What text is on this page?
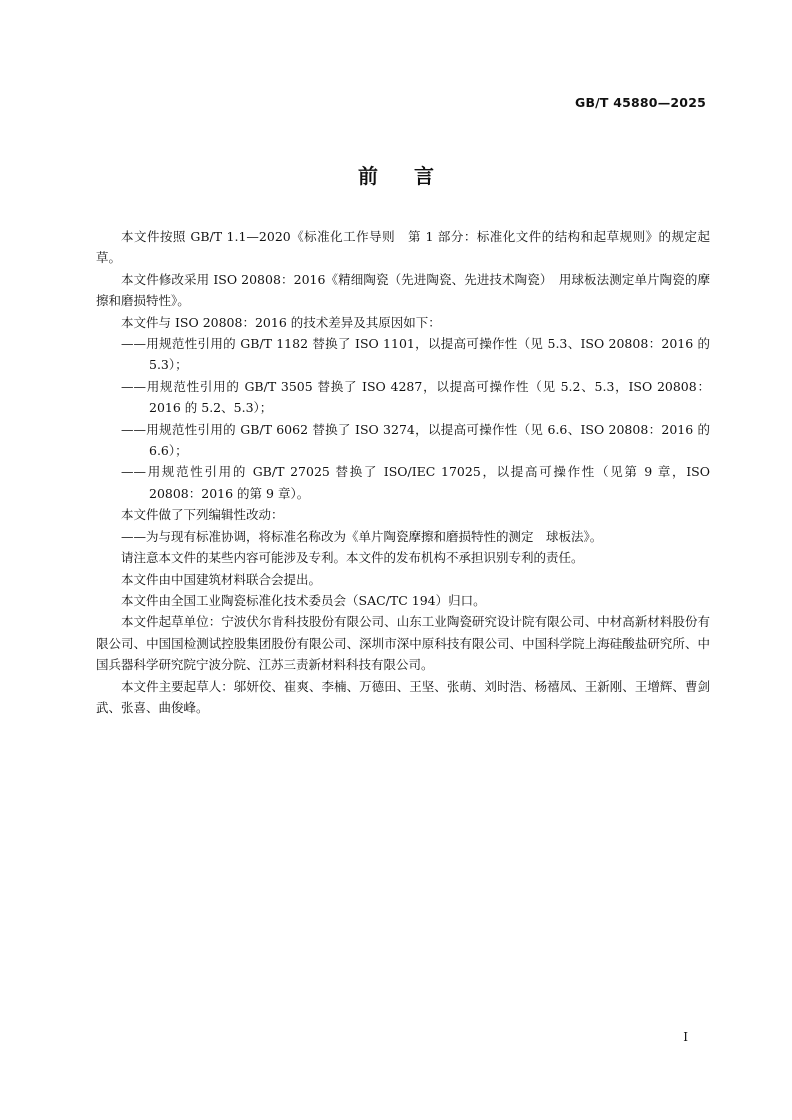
GB/T 45880—2025
前 言

本文件按照 GB/T 1.1—2020《标准化工作导则　第 1 部分：标准化文件的结构和起草规则》的规定起草。

本文件修改采用 ISO 20808：2016《精细陶瓷（先进陶瓷、先进技术陶瓷）　用球板法测定单片陶瓷的摩擦和磨损特性》。

本文件与 ISO 20808：2016 的技术差异及其原因如下：

——用规范性引用的 GB/T 1182 替换了 ISO 1101，以提高可操作性（见 5.3、ISO 20808：2016 的 5.3）；

——用规范性引用的 GB/T 3505 替换了 ISO 4287，以提高可操作性（见 5.2、5.3，ISO 20808：2016 的 5.2、5.3）；

——用规范性引用的 GB/T 6062 替换了 ISO 3274，以提高可操作性（见 6.6、ISO 20808：2016 的 6.6）；

——用规范性引用的 GB/T 27025 替换了 ISO/IEC 17025，以提高可操作性（见第 9 章，ISO 20808：2016 的第 9 章）。

本文件做了下列编辑性改动：

——为与现有标准协调，将标准名称改为《单片陶瓷摩擦和磨损特性的测定　球板法》。

请注意本文件的某些内容可能涉及专利。本文件的发布机构不承担识别专利的责任。

本文件由中国建筑材料联合会提出。

本文件由全国工业陶瓷标准化技术委员会（SAC/TC 194）归口。

本文件起草单位：宁波伏尔肯科技股份有限公司、山东工业陶瓷研究设计院有限公司、中材高新材料股份有限公司、中国国检测试控股集团股份有限公司、深圳市深中原科技有限公司、中国科学院上海硅酸盐研究所、中国兵器科学研究院宁波分院、江苏三责新材料科技有限公司。

本文件主要起草人：邬妍佼、崔爽、李楠、万德田、王坚、张萌、刘时浩、杨禧凤、王新刚、王增辉、曹剑武、张喜、曲俊峰。

I
